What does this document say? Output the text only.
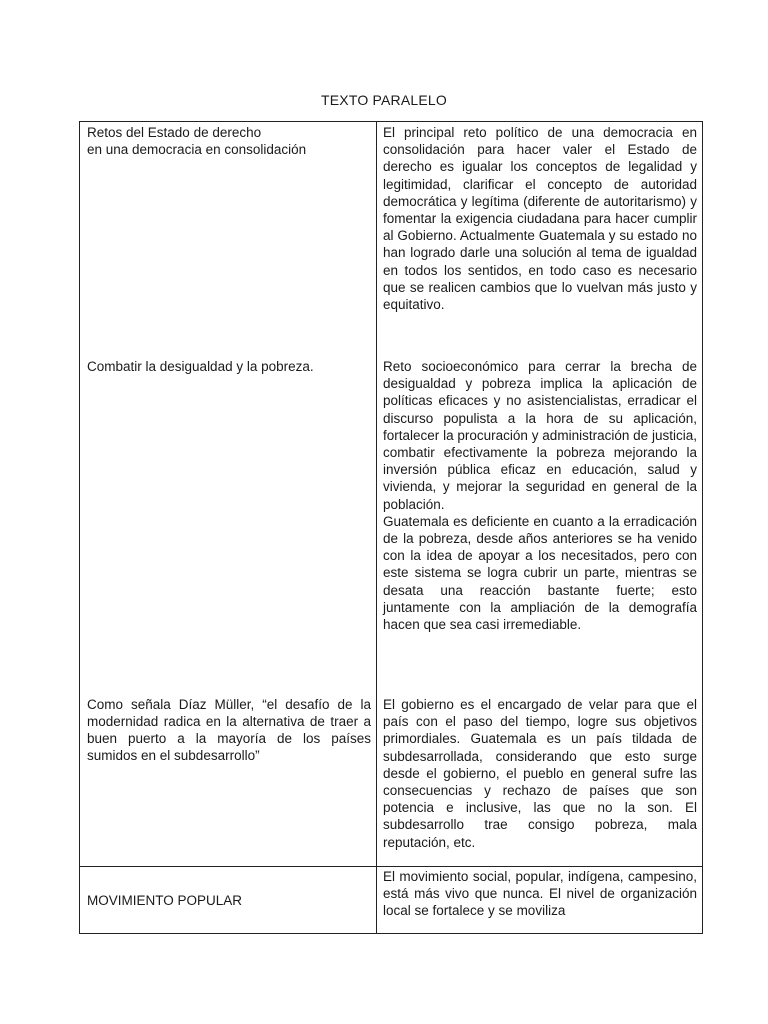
TEXTO PARALELO
Retos del Estado de derecho
en una democracia en consolidación

El principal reto político de una democracia en consolidación para hacer valer el Estado de derecho es igualar los conceptos de legalidad y legitimidad, clarificar el concepto de autoridad democrática y legítima (diferente de autoritarismo) y fomentar la exigencia ciudadana para hacer cumplir al Gobierno. Actualmente Guatemala y su estado no han logrado darle una solución al tema de igualdad en todos los sentidos, en todo caso es necesario que se realicen cambios que lo vuelvan más justo y equitativo.

Combatir la desigualdad y la pobreza.	Reto socioeconómico para cerrar la brecha de desigualdad y pobreza implica la aplicación de políticas eficaces y no asistencialistas, erradicar el discurso populista a la hora de su aplicación, fortalecer la procuración y administración de justicia, combatir efectivamente la pobreza mejorando la inversión pública eficaz en educación, salud y vivienda, y mejorar la seguridad en general de la población.

Guatemala es deficiente en cuanto a la erradicación de la pobreza, desde años anteriores se ha venido con la idea de apoyar a los necesitados, pero con este sistema se logra cubrir un parte, mientras se desata una reacción bastante fuerte; esto juntamente con la ampliación de la demografía hacen que sea casi irremediable.

Como señala Díaz Müller, “el desafío de la modernidad radica en la alternativa de traer a buen puerto a la mayoría de los países sumidos en el subdesarrollo”

El gobierno es el encargado de velar para que el país con el paso del tiempo, logre sus objetivos primordiales. Guatemala es un país tildada de subdesarrollada, considerando que esto surge desde el gobierno, el pueblo en general sufre las consecuencias y rechazo de países que son potencia e inclusive, las que no la son. El subdesarrollo trae consigo pobreza, mala reputación, etc.

MOVIMIENTO POPULAR

El movimiento social, popular, indígena, campesino, está más vivo que nunca. El nivel de organización local se fortalece y se moviliza
